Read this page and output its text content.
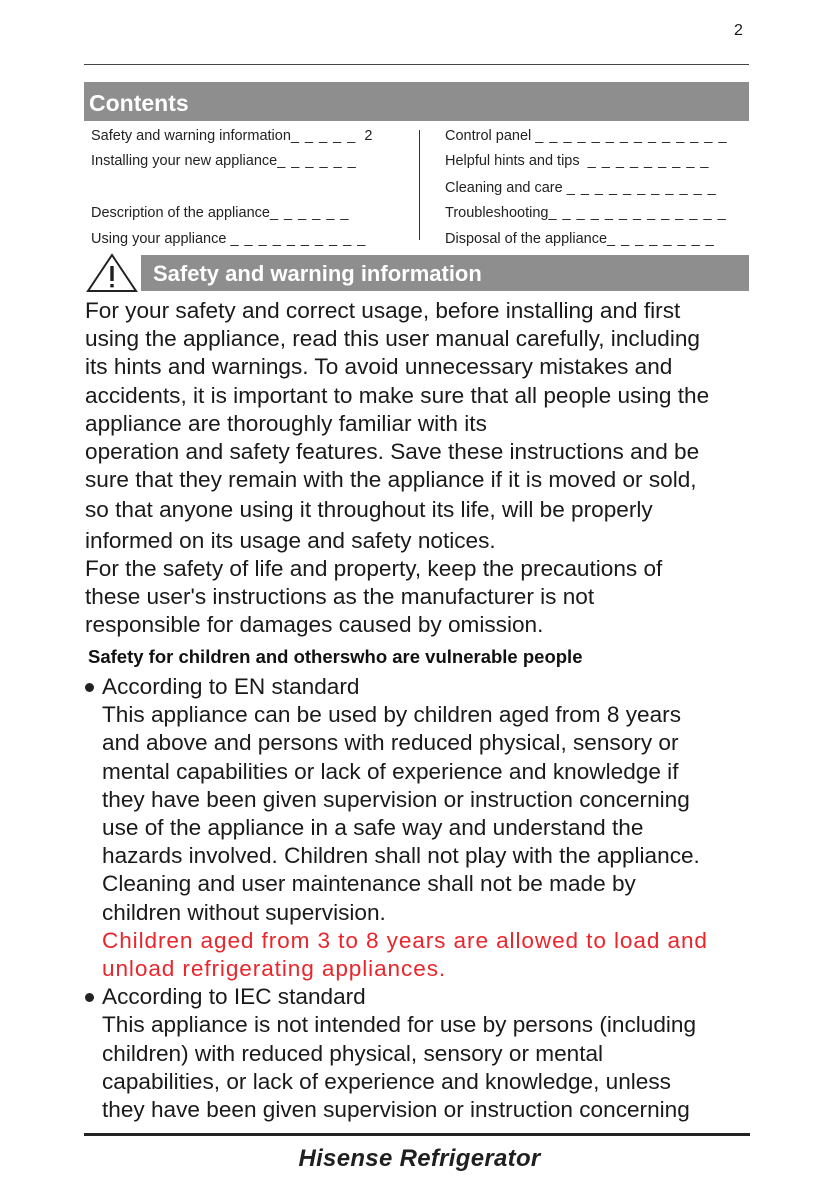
2
Contents
Safety and warning information_ _ _ _ _ 2
Installing your new appliance_ _ _ _ _ _
Description of the appliance_ _ _ _ _ _
Using your appliance _ _ _ _ _ _ _ _ _ _
Control panel _ _ _ _ _ _ _ _ _ _ _ _ _ _
Helpful hints and tips _ _ _ _ _ _ _ _ _
Cleaning and care _ _ _ _ _ _ _ _ _ _ _
Troubleshooting_ _ _ _ _ _ _ _ _ _ _ _ _
Disposal of the appliance_ _ _ _ _ _ _ _
Safety and warning information

For your safety and correct usage, before installing and first

using the appliance, read this user manual carefully, including

its hints and warnings. To avoid unnecessary mistakes and

accidents, it is important to make sure that all people using the

appliance are thoroughly familiar with its

operation and safety features. Save these instructions and be

sure that they remain with the appliance if it is moved or sold,

so that anyone using it throughout its life, will be properly

informed on its usage and safety notices.

For the safety of life and property, keep the precautions of

these user's instructions as the manufacturer is not

responsible for damages caused by omission.

Safety for children and otherswho are vulnerable people
According to EN standard

This appliance can be used by children aged from 8 years

and above and persons with reduced physical, sensory or

mental capabilities or lack of experience and knowledge if

they have been given supervision or instruction concerning

use of the appliance in a safe way and understand the

hazards involved. Children shall not play with the appliance.

Cleaning and user maintenance shall not be made by

children without supervision.

Children aged from 3 to 8 years are allowed to load and

unload refrigerating appliances.

According to IEC standard

This appliance is not intended for use by persons (including

children) with reduced physical, sensory or mental

capabilities, or lack of experience and knowledge, unless

they have been given supervision or instruction concerning

Hisense Refrigerator
